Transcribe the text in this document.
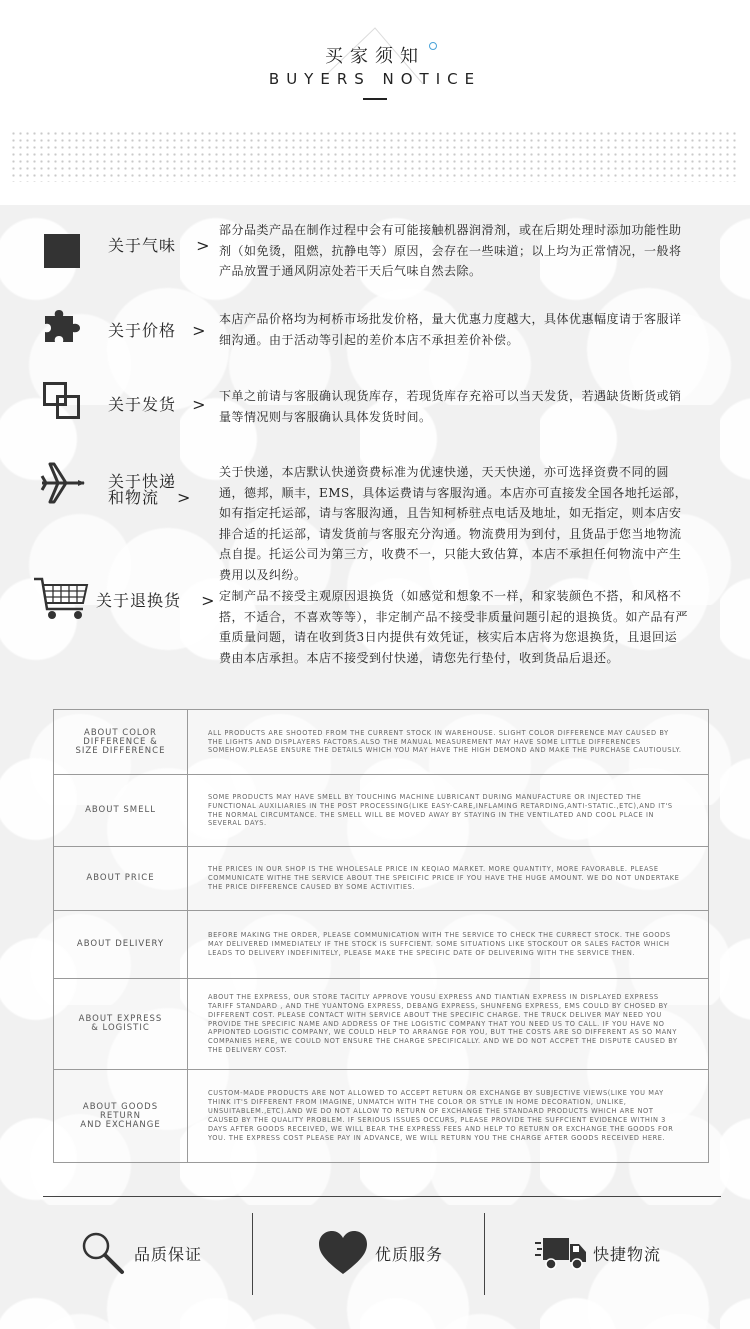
买家须知
BUYERS NOTICE
关于气味 >
部分品类产品在制作过程中会有可能接触机器润滑剂，或在后期处理时添加功能性助剂（如免烫，阻燃，抗静电等）原因，会存在一些味道；以上均为正常情况，一般将产品放置于通风阴凉处若干天后气味自然去除。
关于价格 >
本店产品价格均为柯桥市场批发价格，量大优惠力度越大，具体优惠幅度请于客服详细沟通。由于活动等引起的差价本店不承担差价补偿。
关于发货 > 下单之前请与客服确认现货库存，若现货库存充裕可以当天发货，若遇缺货断货或销量等情况则与客服确认具体发货时间。
关于快递
和物流 >
关于快递，本店默认快递资费标准为优速快递，天天快递，亦可选择资费不同的圆通，德邦，顺丰，EMS，具体运费请与客服沟通。本店亦可直接发全国各地托运部，如有指定托运部，请与客服沟通，且告知柯桥驻点电话及地址，如无指定，则本店安排合适的托运部，请发货前与客服充分沟通。物流费用为到付，且货品于您当地物流点自提。托运公司为第三方，收费不一，只能大致估算，本店不承担任何物流中产生费用以及纠纷。
关于退换货 > 定制产品不接受主观原因退换货（如感觉和想象不一样，和家装颜色不搭，和风格不搭，不适合，不喜欢等等），非定制产品不接受非质量问题引起的退换货。如产品有严重质量问题，请在收到货3日内提供有效凭证，核实后本店将为您退换货，且退回运费由本店承担。本店不接受到付快递，请您先行垫付，收到货品后退还。
ABOUT COLOR
DIFFERENCE &
SIZE DIFFERENCE
ALL PRODUCTS ARE SHOOTED FROM THE CURRENT STOCK IN WAREHOUSE. SLIGHT COLOR DIFFERENCE MAY CAUSED BY THE LIGHTS AND DISPLAYERS FACTORS.ALSO THE MANUAL MEASUREMENT MAY HAVE SOME LITTLE DIFFERENCES SOMEHOW.PLEASE ENSURE THE DETAILS WHICH YOU MAY HAVE THE HIGH DEMOND AND MAKE THE PURCHASE CAUTIOUSLY.
ABOUT SMELL
SOME PRODUCTS MAY HAVE SMELL BY TOUCHING MACHINE LUBRICANT DURING MANUFACTURE OR INJECTED THE FUNCTIONAL AUXILIARIES IN THE POST PROCESSING(LIKE EASY-CARE,INFLAMING RETARDING,ANTI-STATIC.,ETC),AND IT'S THE NORMAL CIRCUMTANCE. THE SMELL WILL BE MOVED AWAY BY STAYING IN THE VENTILATED AND COOL PLACE IN SEVERAL DAYS.
ABOUT PRICE
THE PRICES IN OUR SHOP IS THE WHOLESALE PRICE IN KEQIAO MARKET. MORE QUANTITY, MORE FAVORABLE. PLEASE COMMUNICATE WITHE THE SERVICE ABOUT THE SPEICIFIC PRICE IF YOU HAVE THE HUGE AMOUNT. WE DO NOT UNDERTAKE THE PRICE DIFFERENCE CAUSED BY SOME ACTIVITIES.
ABOUT DELIVERY
BEFORE MAKING THE ORDER, PLEASE COMMUNICATION WITH THE SERVICE TO CHECK THE CURRECT STOCK. THE GOODS MAY DELIVERED IMMEDIATELY IF THE STOCK IS SUFFCIENT. SOME SITUATIONS LIKE STOCKOUT OR SALES FACTOR WHICH LEADS TO DELIVERY INDEFINITELY, PLEASE MAKE THE SPECIFIC DATE OF DELIVERING WITH THE SERVICE THEN.
ABOUT EXPRESS
& LOGISTIC
ABOUT THE EXPRESS, OUR STORE TACITLY APPROVE YOUSU EXPRESS AND TIANTIAN EXPRESS IN DISPLAYED EXPRESS TARIFF STANDARD , AND THE YUANTONG EXPRESS, DEBANG EXPRESS, SHUNFENG EXPRESS, EMS COULD BY CHOSED BY DIFFERENT COST. PLEASE CONTACT WITH SERVICE ABOUT THE SPECIFIC CHARGE. THE TRUCK DELIVER MAY NEED YOU PROVIDE THE SPECIFIC NAME AND ADDRESS OF THE LOGISTIC COMPANY THAT YOU NEED US TO CALL. IF YOU HAVE NO APPIONTED LOGISTIC COMPANY, WE COULD HELP TO ARRANGE FOR YOU, BUT THE COSTS ARE SO DIFFERENT AS SO MANY COMPANIES HERE, WE COULD NOT ENSURE THE CHARGE SPECIFICALLY. AND WE DO NOT ACCPET THE DISPUTE CAUSED BY THE DELIVERY COST.
ABOUT GOODS
RETURN
AND EXCHANGE
CUSTOM-MADE PRODUCTS ARE NOT ALLOWED TO ACCEPT RETURN OR EXCHANGE BY SUBJECTIVE VIEWS(LIKE YOU MAY THINK IT'S DIFFERENT FROM IMAGINE, UNMATCH WITH THE COLOR OR STYLE IN HOME DECORATION, UNLIKE, UNSUITABLEM.,ETC).AND WE DO NOT ALLOW TO RETURN OF EXCHANGE THE STANDARD PRODUCTS WHICH ARE NOT CAUSED BY THE QUALITY PROBLEM. IF SERIOUS ISSUES OCCURS, PLEASE PROVIDE THE SUFFCIENT EVIDENCE WITHIN 3 DAYS AFTER GOODS RECEIVED, WE WILL BEAR THE EXPRESS FEES AND HELP TO RETURN OR EXCHANGE THE GOODS FOR YOU. THE EXPRESS COST PLEASE PAY IN ADVANCE, WE WILL RETURN YOU THE CHARGE AFTER GOODS RECEIVED HERE.
品质保证	优质服务	快捷物流
